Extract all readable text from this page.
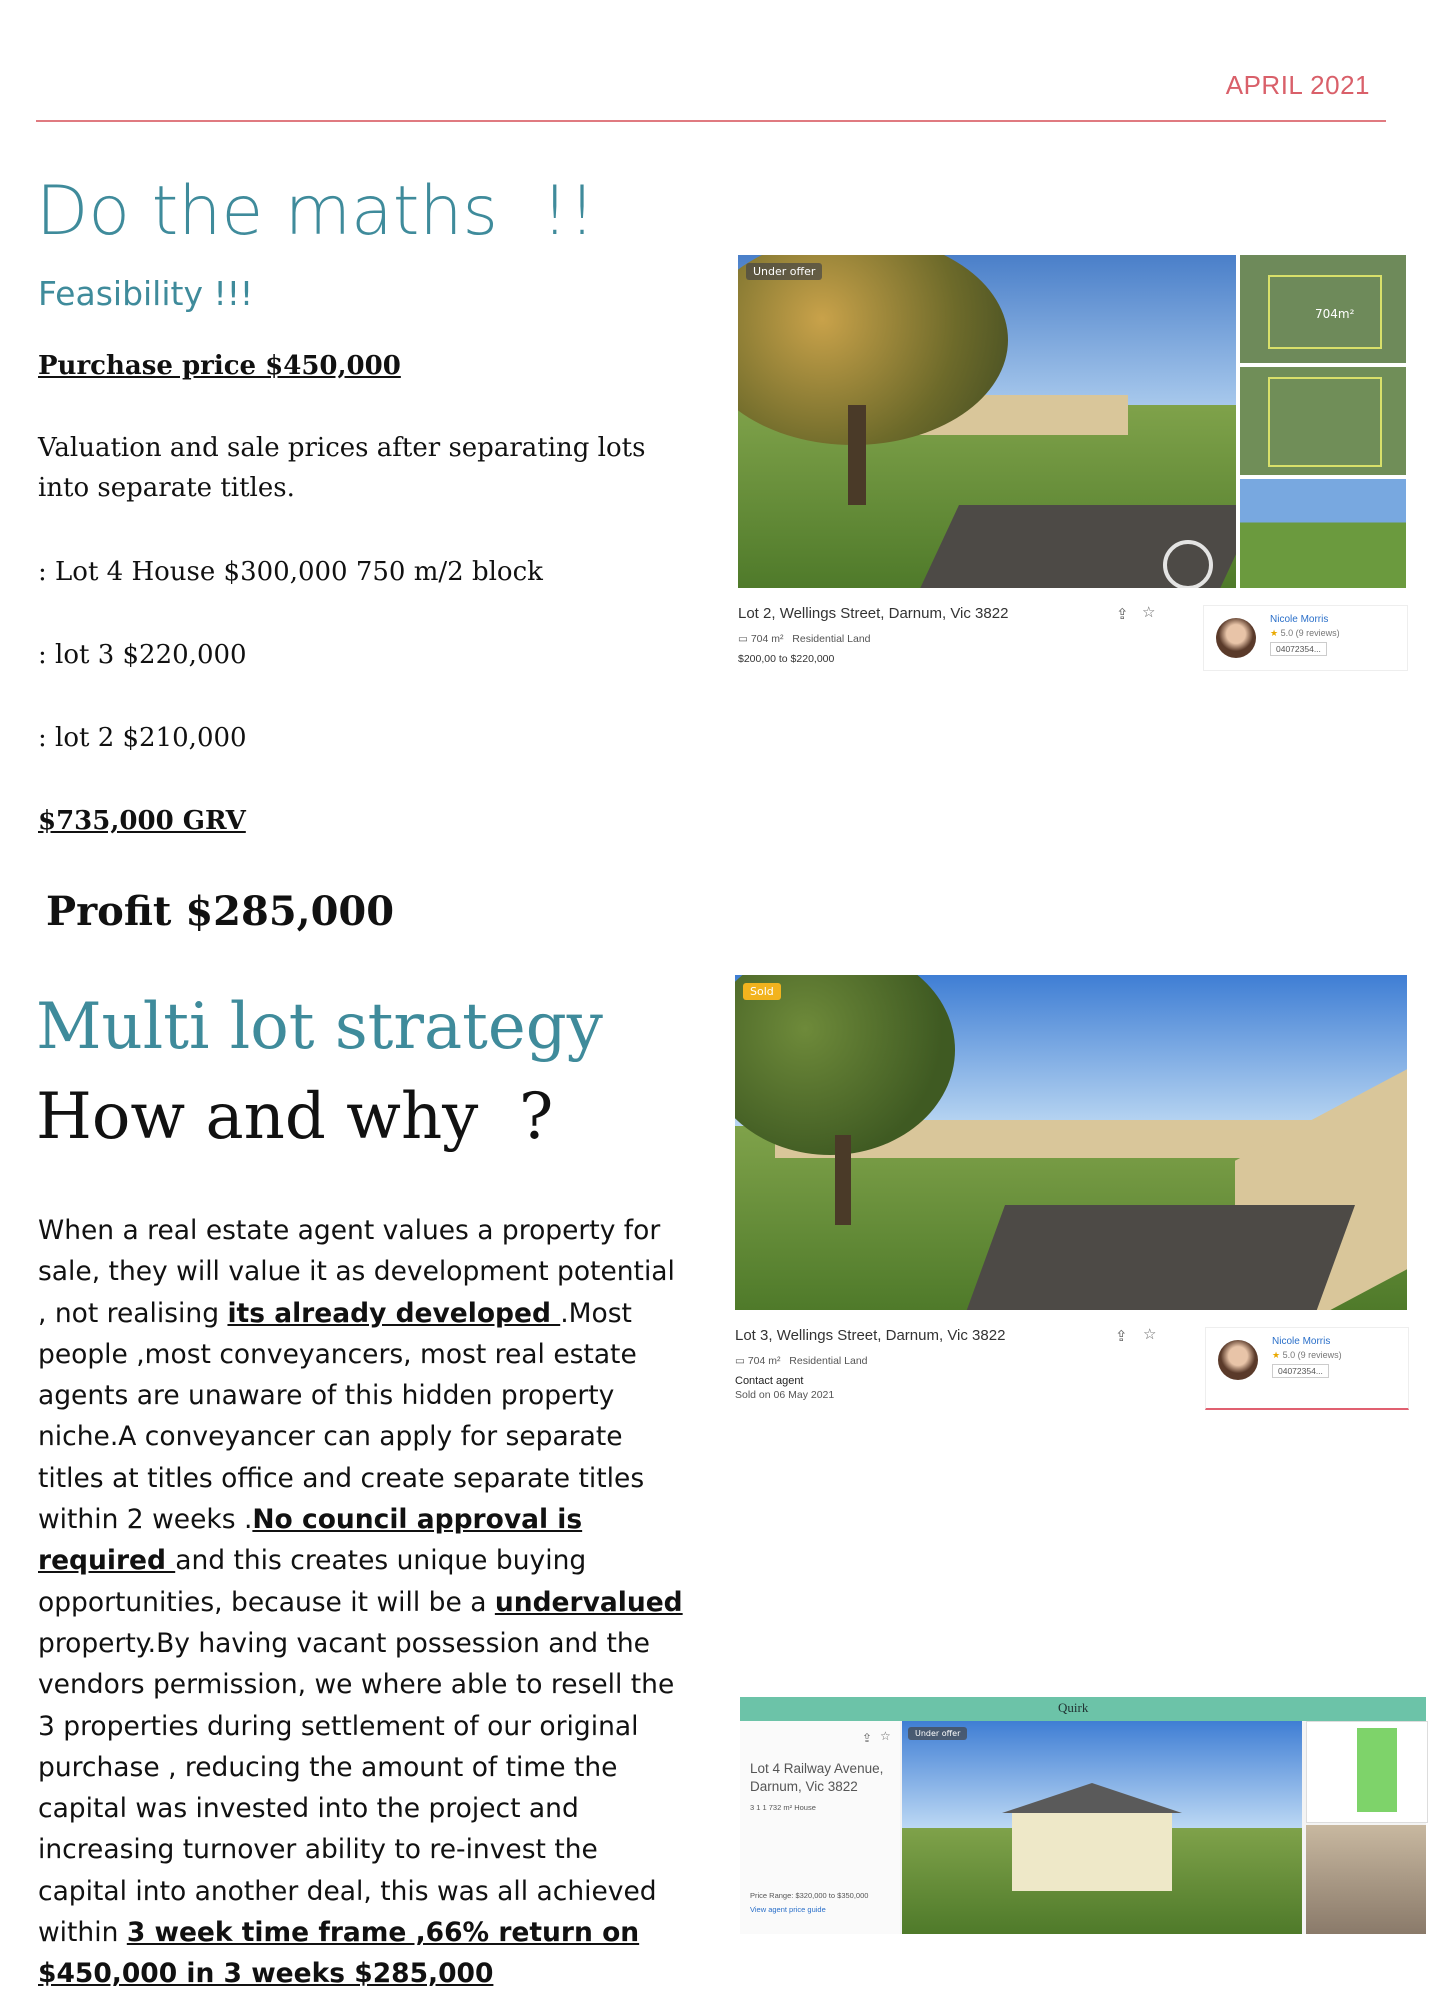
APRIL 2021
Do the maths  !!
Feasibility !!!
Purchase price $450,000
Valuation and sale prices after separating lots
into separate titles.
: Lot 4 House $300,000 750 m/2 block
: lot 3 $220,000
: lot 2 $210,000
$735,000 GRV
Profit $285,000
Multi lot strategy
How and why  ?
When a real estate agent values a property for sale, they will value it as development potential , not realising its already developed .Most people ,most conveyancers, most real estate agents are unaware of this hidden property niche.A conveyancer can apply for separate titles at titles office and create separate titles within 2 weeks .No council approval is required and this creates unique buying opportunities, because it will be a undervalued property.By having vacant possession and the vendors permission, we where able to resell the 3 properties during settlement of our original purchase , reducing the amount of time the capital was invested into the project and increasing turnover ability to re-invest the capital into another deal, this was all achieved within 3 week time frame ,66% return on $450,000 in 3 weeks $285,000
Under offer
704m²
Lot 2, Wellings Street, Darnum, Vic 3822	⇪ ☆
▭ 704 m² Residential Land
$200,00 to $220,000
Nicole Morris
★ 5.0 (9 reviews)
04072354...
Sold
Lot 3, Wellings Street, Darnum, Vic 3822	⇪ ☆
▭ 704 m² Residential Land
Contact agent
Sold on 06 May 2021
Nicole Morris
★ 5.0 (9 reviews)
04072354...
Quirk
⇪ ☆
Lot 4 Railway Avenue,
Darnum, Vic 3822
3 1 1 732 m² House
Price Range: $320,000 to $350,000
View agent price guide
Under offer
